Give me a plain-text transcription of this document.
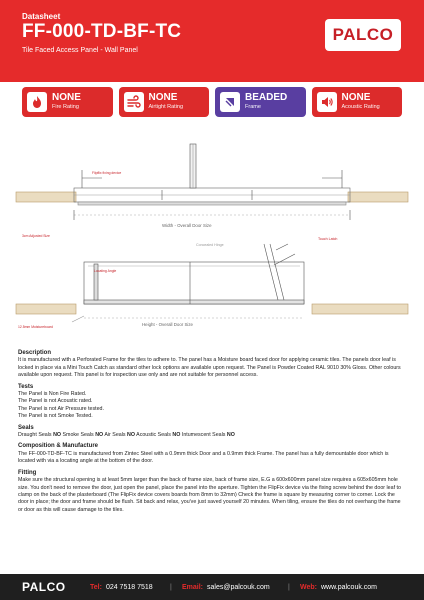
Datasheet
FF-000-TD-BF-TC
Tile Faced Access Panel - Wall Panel
PALCO
NONE
Fire Rating
NONE
Airtight Rating
BEADED
Frame
NONE
Acoustic Rating
Flipflix fixing device
Width - Overall Door Size
3cm Adjusted Size
Concealed Hinge
Touch Latch
Locating Angle
Height - Overall Door Size
12.5mm Moistureboard
Description

It is manufactured with a Perforated Frame for the tiles to adhere to. The panel has a Moisture board faced door for applying ceramic tiles. The panels door leaf is locked in place via a Mini Touch Catch as standard other lock options are available upon request. The Panel is Powder Coated RAL 9010 30% Gloss. Other colours available upon request. This panel is for inspection use only and are not suitable for personnel access.

Tests

The Panel is Non Fire Rated.

The Panel is not Acoustic rated.

The Panel is not Air Pressure tested.

The Panel is not Smoke Tested.

Seals

Draught Seals NO Smoke Seals NO Air Seals NO Acoustic Seals NO Intumescent Seals NO

Composition & Manufacture

The FF-000-TD-BF-TC is manufactured from Zintec Steel with a 0.9mm thick Door and a 0.9mm thick Frame. The panel has a fully demountable door which is located with via a locating angle at the bottom of the door.

Fitting

Make sure the structural opening is at least 5mm larger than the back of frame size, back of frame size, E.G a 600x600mm panel size requires a 605x605mm hole size. You don't need to remove the door, just open the panel, place the panel into the aperture. Tighten the FlipFix device via the fixing screw behind the door leaf to clamp on the back of the plasterboard (The FlipFix device covers boards from 8mm to 32mm) Check the frame is square by measuring corner to corner. Lock the door in place; the door and frame should be flush. Sit back and relax, you've just saved yourself 20 minutes. When tiling, ensure the tiles do not overhang the frame or door as this will cause damage to the tiles.

PALCO	Tel: 024 7518 7518 | Email: sales@palcouk.com	| Web: www.palcouk.com
